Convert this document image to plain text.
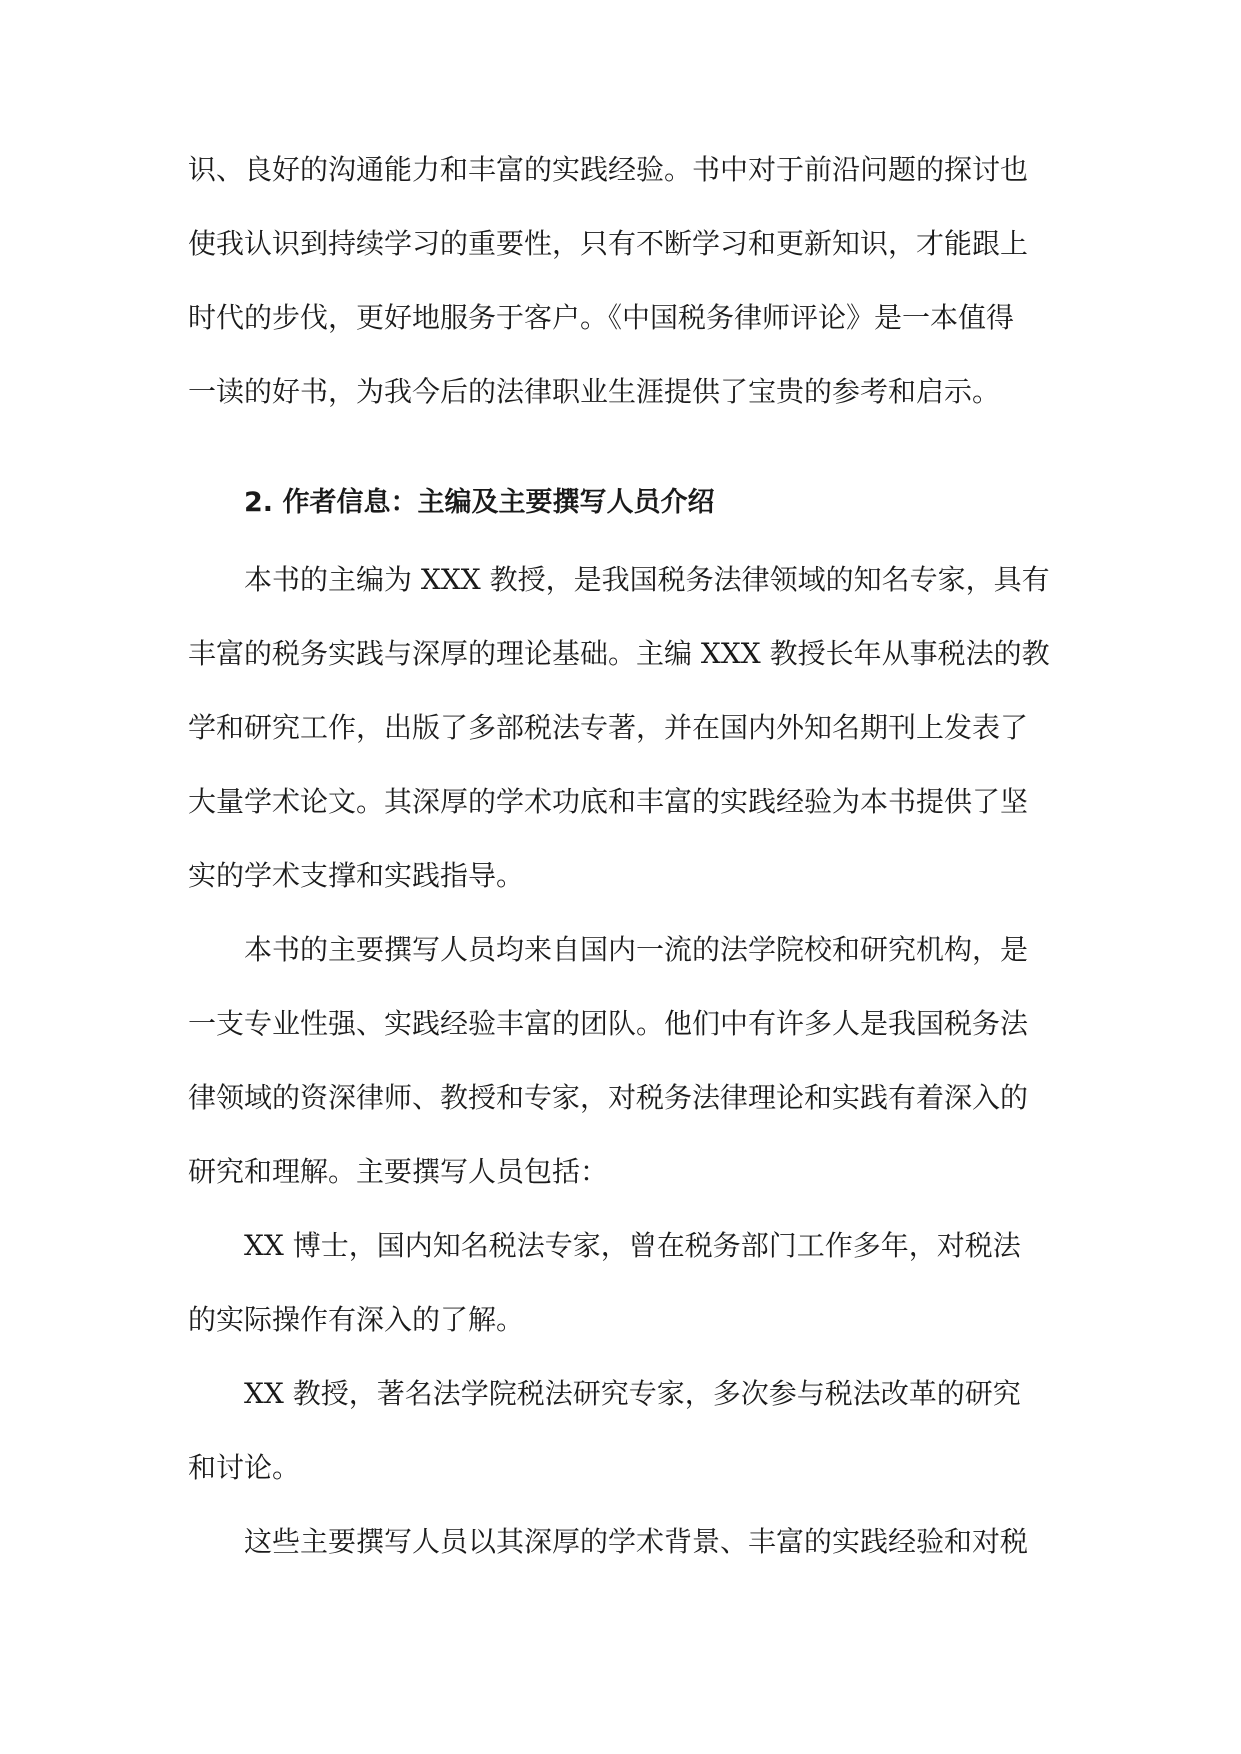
识、良好的沟通能力和丰富的实践经验。书中对于前沿问题的探讨也
使我认识到持续学习的重要性，只有不断学习和更新知识，才能跟上
时代的步伐，更好地服务于客户。《中国税务律师评论》是一本值得
一读的好书，为我今后的法律职业生涯提供了宝贵的参考和启示。
2. 作者信息：主编及主要撰写人员介绍
本书的主编为 XXX 教授，是我国税务法律领域的知名专家，具有
丰富的税务实践与深厚的理论基础。主编 XXX 教授长年从事税法的教
学和研究工作，出版了多部税法专著，并在国内外知名期刊上发表了
大量学术论文。其深厚的学术功底和丰富的实践经验为本书提供了坚
实的学术支撑和实践指导。
本书的主要撰写人员均来自国内一流的法学院校和研究机构，是
一支专业性强、实践经验丰富的团队。他们中有许多人是我国税务法
律领域的资深律师、教授和专家，对税务法律理论和实践有着深入的
研究和理解。主要撰写人员包括：
XX 博士，国内知名税法专家，曾在税务部门工作多年，对税法
的实际操作有深入的了解。
XX 教授，著名法学院税法研究专家，多次参与税法改革的研究
和讨论。
这些主要撰写人员以其深厚的学术背景、丰富的实践经验和对税
